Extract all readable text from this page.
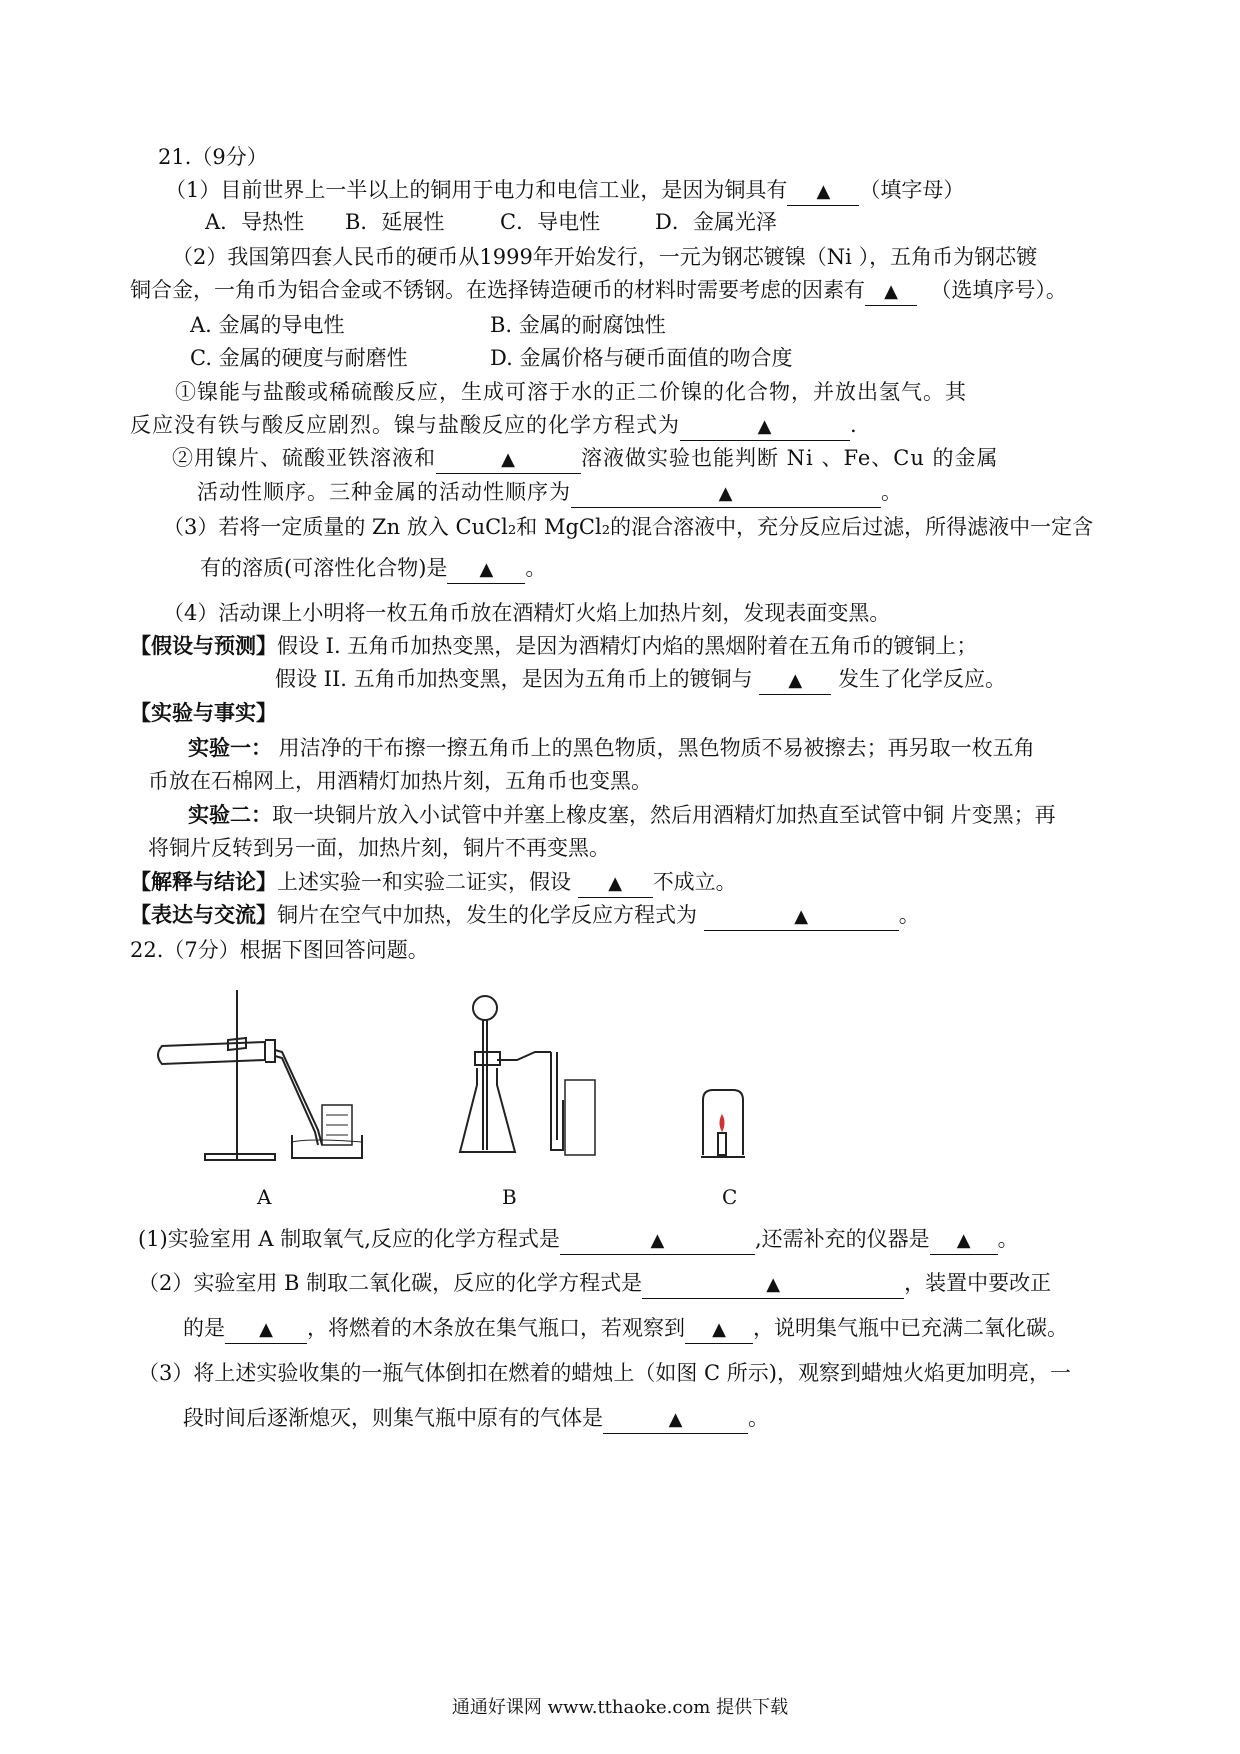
21.（9分）
（1）目前世界上一半以上的铜用于电力和电信工业，是因为铜具有 ▲ （填字母）
A．导热性 B．延展性	C．导电性	D．金属光泽
（2）我国第四套人民币的硬币从1999年开始发行，一元为钢芯镀镍（Ni ），五角币为钢芯镀
铜合金，一角币为铝合金或不锈钢。在选择铸造硬币的材料时需要考虑的因素有 ▲ （选填序号）。
A. 金属的导电性	B. 金属的耐腐蚀性
C. 金属的硬度与耐磨性	D. 金属价格与硬币面值的吻合度
①镍能与盐酸或稀硫酸反应，生成可溶于水的正二价镍的化合物，并放出氢气。其
反应没有铁与酸反应剧烈。镍与盐酸反应的化学方程式为	▲	.
②用镍片、硫酸亚铁溶液和	▲	溶液做实验也能判断 Ni 、Fe、Cu 的金属
活动性顺序。三种金属的活动性顺序为	▲	。
（3）若将一定质量的 Zn 放入 CuCl₂和 MgCl₂的混合溶液中，充分反应后过滤，所得滤液中一定含
有的溶质(可溶性化合物)是 ▲ 。
（4）活动课上小明将一枚五角币放在酒精灯火焰上加热片刻，发现表面变黑。
【假设与预测】假设 I. 五角币加热变黑，是因为酒精灯内焰的黑烟附着在五角币的镀铜上；
假设 II. 五角币加热变黑，是因为五角币上的镀铜与 ▲ 发生了化学反应。
【实验与事实】
实验一： 用洁净的干布擦一擦五角币上的黑色物质，黑色物质不易被擦去；再另取一枚五角
币放在石棉网上，用酒精灯加热片刻，五角币也变黑。
实验二：取一块铜片放入小试管中并塞上橡皮塞，然后用酒精灯加热直至试管中铜 片变黑；再
将铜片反转到另一面，加热片刻，铜片不再变黑。
【解释与结论】上述实验一和实验二证实，假设 ▲ 不成立。
【表达与交流】铜片在空气中加热，发生的化学反应方程式为	▲	。
22.（7分）根据下图回答问题。
A	B	C
(1)实验室用 A 制取氧气,反应的化学方程式是	▲	,还需补充的仪器是 ▲ 。
（2）实验室用 B 制取二氧化碳，反应的化学方程式是	▲	，装置中要改正
的是 ▲ ，将燃着的木条放在集气瓶口，若观察到 ▲ ，说明集气瓶中已充满二氧化碳。
（3）将上述实验收集的一瓶气体倒扣在燃着的蜡烛上（如图 C 所示)，观察到蜡烛火焰更加明亮，一
段时间后逐渐熄灭，则集气瓶中原有的气体是	▲	。
通通好课网 www.tthaoke.com 提供下载
